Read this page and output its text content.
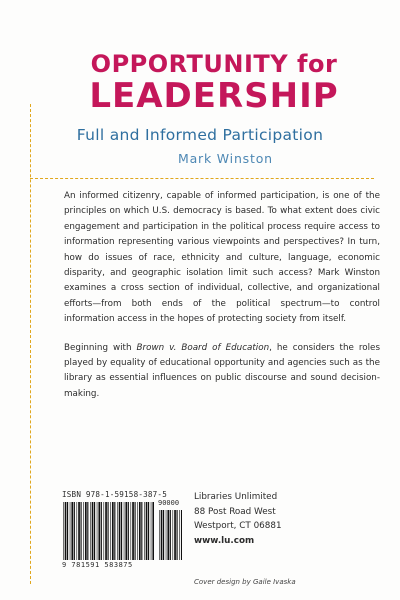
OPPORTUNITY for
LEADERSHIP
Full and Informed Participation
Mark Winston

An informed citizenry, capable of informed participation, is one of the principles on which U.S. democracy is based. To what extent does civic engagement and participation in the political process require access to information representing various viewpoints and perspectives? In turn, how do issues of race, ethnicity and culture, language, economic disparity, and geographic isolation limit such access? Mark Winston examines a cross section of individual, collective, and organizational efforts—from both ends of the political spectrum—to control information access in the hopes of protecting society from itself.

Beginning with Brown v. Board of Education, he considers the roles played by equality of educational opportunity and agencies such as the library as essential influences on public discourse and sound decision-making.

ISBN 978-1-59158-387-5
90000
9 781591 583875
Libraries Unlimited
88 Post Road West
Westport, CT 06881
www.lu.com
Cover design by Gaile Ivaska
